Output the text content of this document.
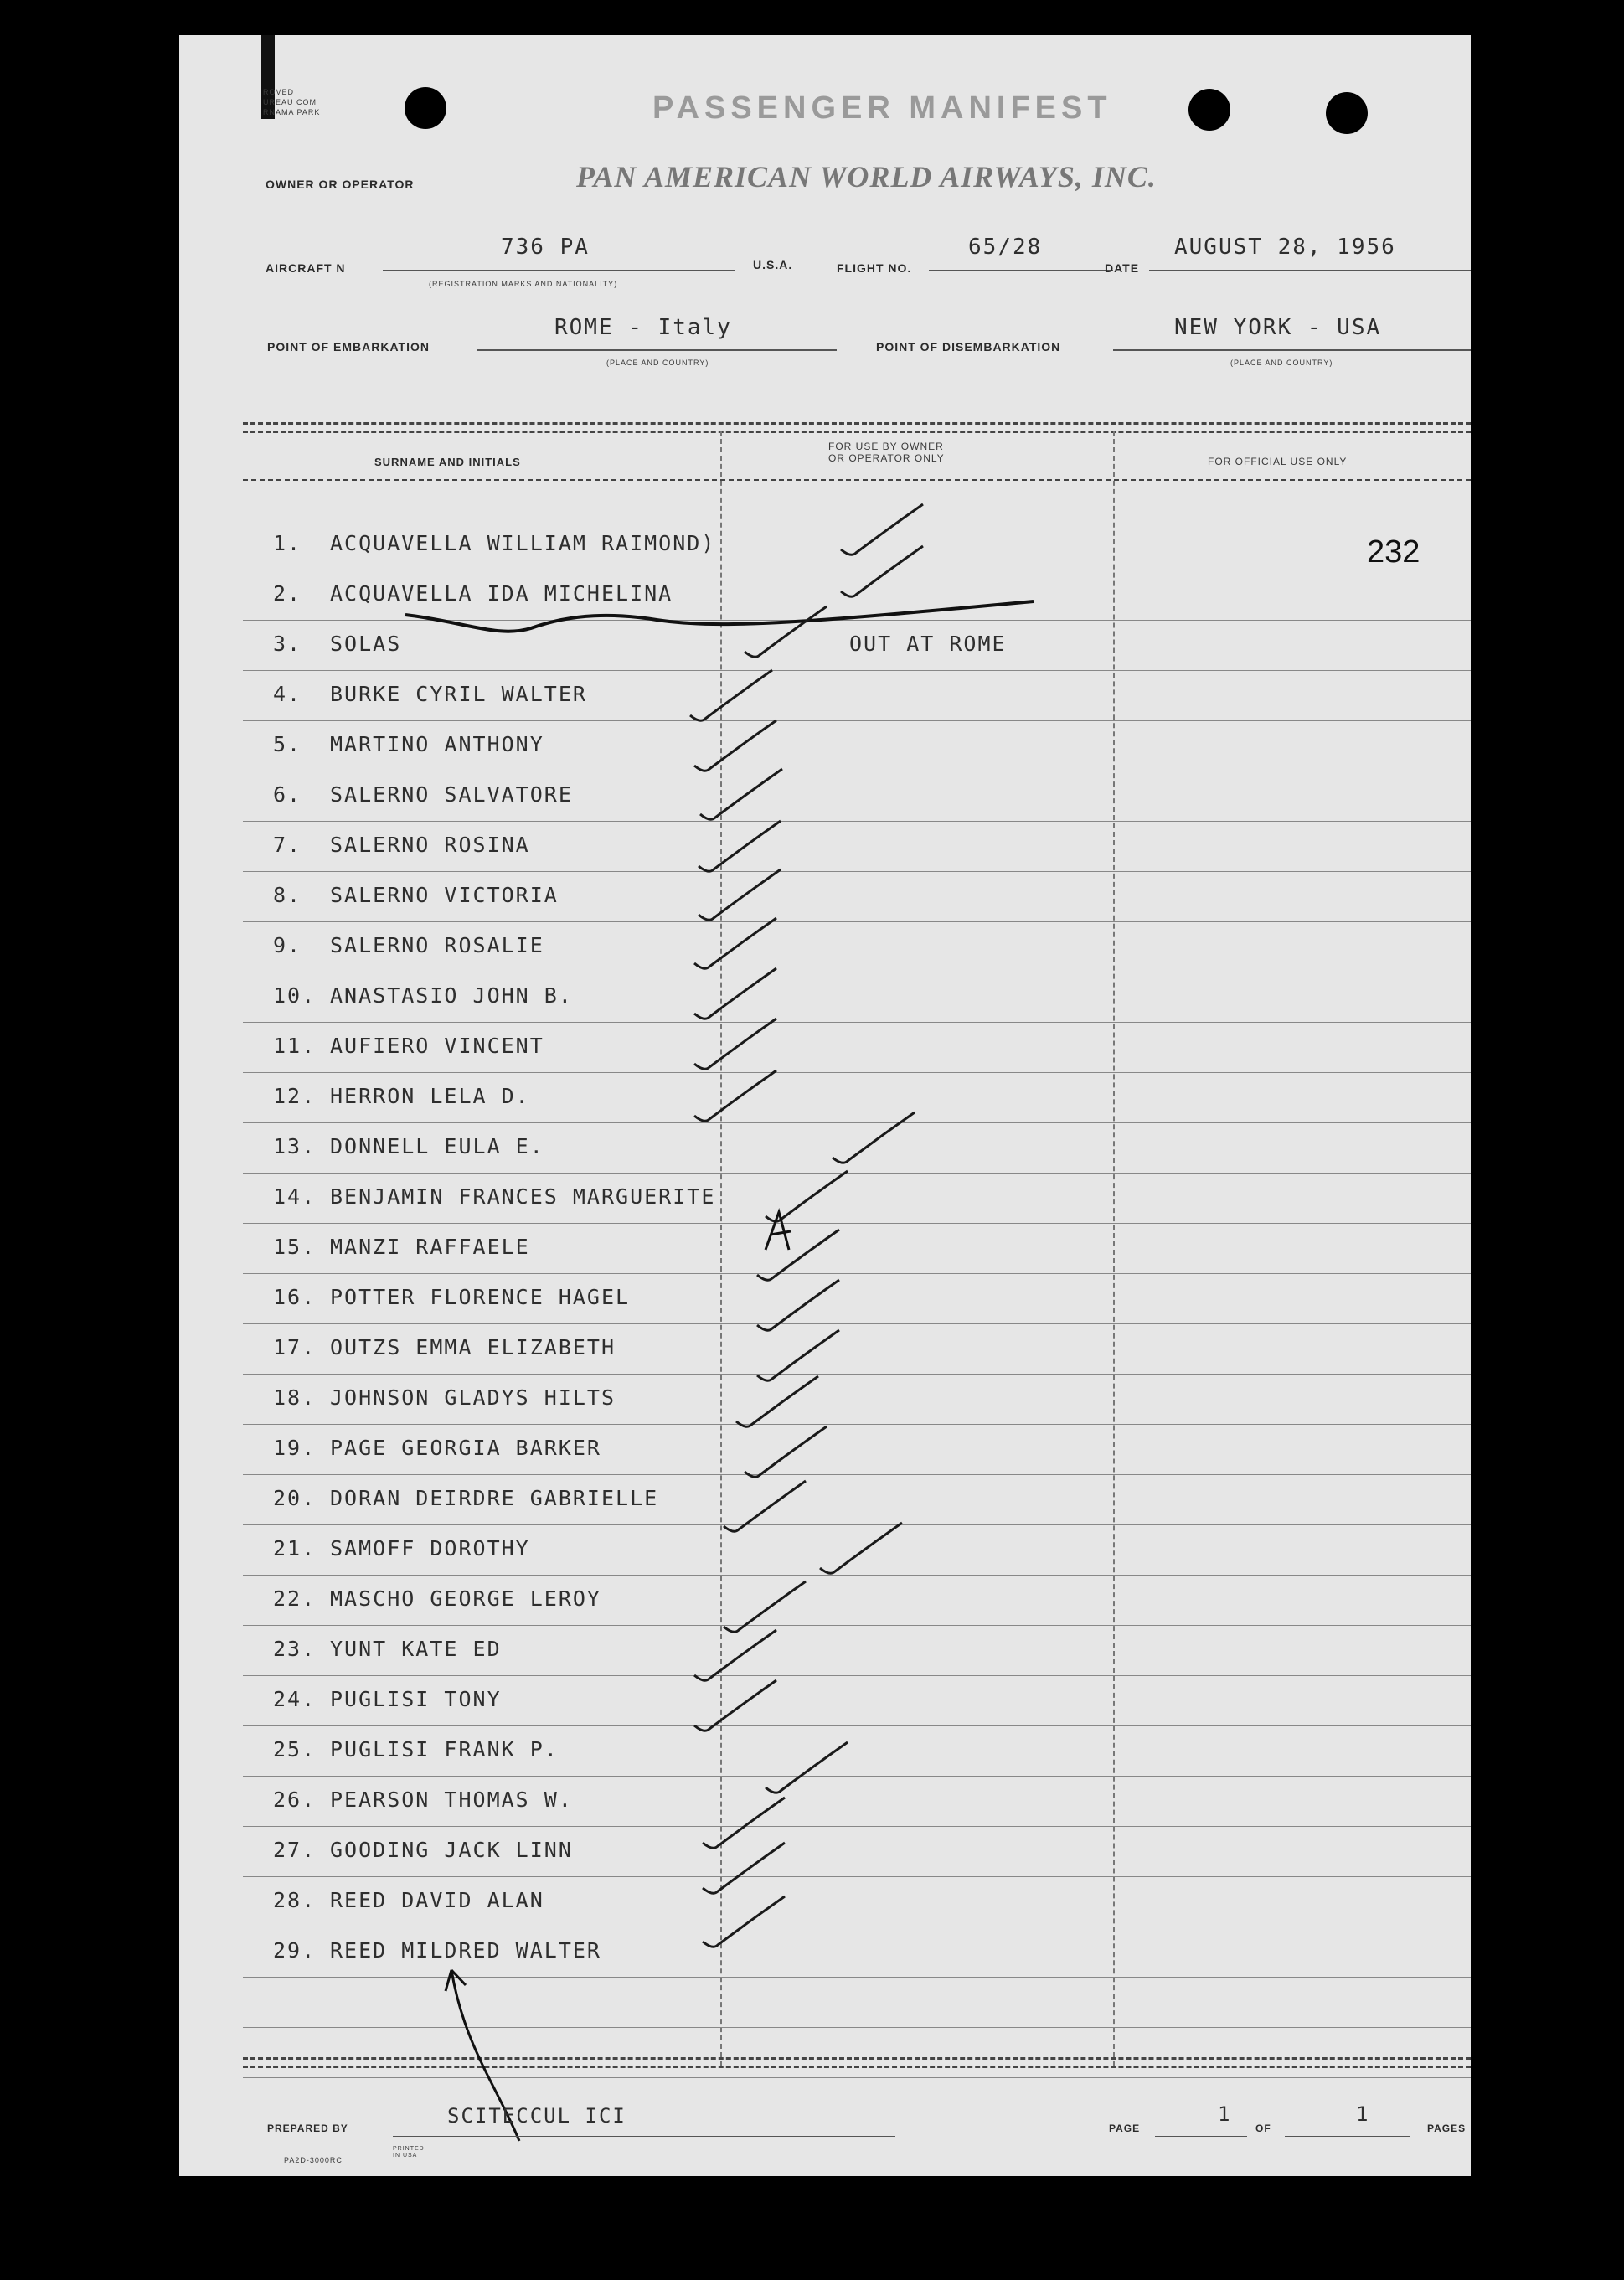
ROVED
UREAU COM
RNAMA PARK	PASSENGER MANIFEST
OWNER OR OPERATOR	PAN AMERICAN WORLD AIRWAYS, INC.
AIRCRAFT N
736 PA
(REGISTRATION MARKS AND NATIONALITY)
U.S.A.	FLIGHT NO.
65/28
DATE
AUGUST 28, 1956
POINT OF EMBARKATION
ROME - Italy
(PLACE AND COUNTRY)
POINT OF DISEMBARKATION
NEW YORK - USA
(PLACE AND COUNTRY)
SURNAME AND INITIALS
FOR USE BY OWNER
OR OPERATOR ONLY	FOR OFFICIAL USE ONLY
232
1. ACQUAVELLA WILLIAM RAIMOND)
2. ACQUAVELLA IDA MICHELINA
3. SOLAS	OUT AT ROME
4. BURKE CYRIL WALTER
5. MARTINO ANTHONY
6. SALERNO SALVATORE
7. SALERNO ROSINA
8. SALERNO VICTORIA
9. SALERNO ROSALIE
10. ANASTASIO JOHN B.
11. AUFIERO VINCENT
12. HERRON LELA D.
13. DONNELL EULA E.
14. BENJAMIN FRANCES MARGUERITE
15. MANZI RAFFAELE
16. POTTER FLORENCE HAGEL
17. OUTZS EMMA ELIZABETH
18. JOHNSON GLADYS HILTS
19. PAGE GEORGIA BARKER
20. DORAN DEIRDRE GABRIELLE
21. SAMOFF DOROTHY
22. MASCHO GEORGE LEROY
23. YUNT KATE ED
24. PUGLISI TONY
25. PUGLISI FRANK P.
26. PEARSON THOMAS W.
27. GOODING JACK LINN
28. REED DAVID ALAN
29. REED MILDRED WALTER
PREPARED BY
SCITECCUL ICI
PA2D-3000RC
PRINTED IN USA
PAGE
1
OF
1
PAGES
